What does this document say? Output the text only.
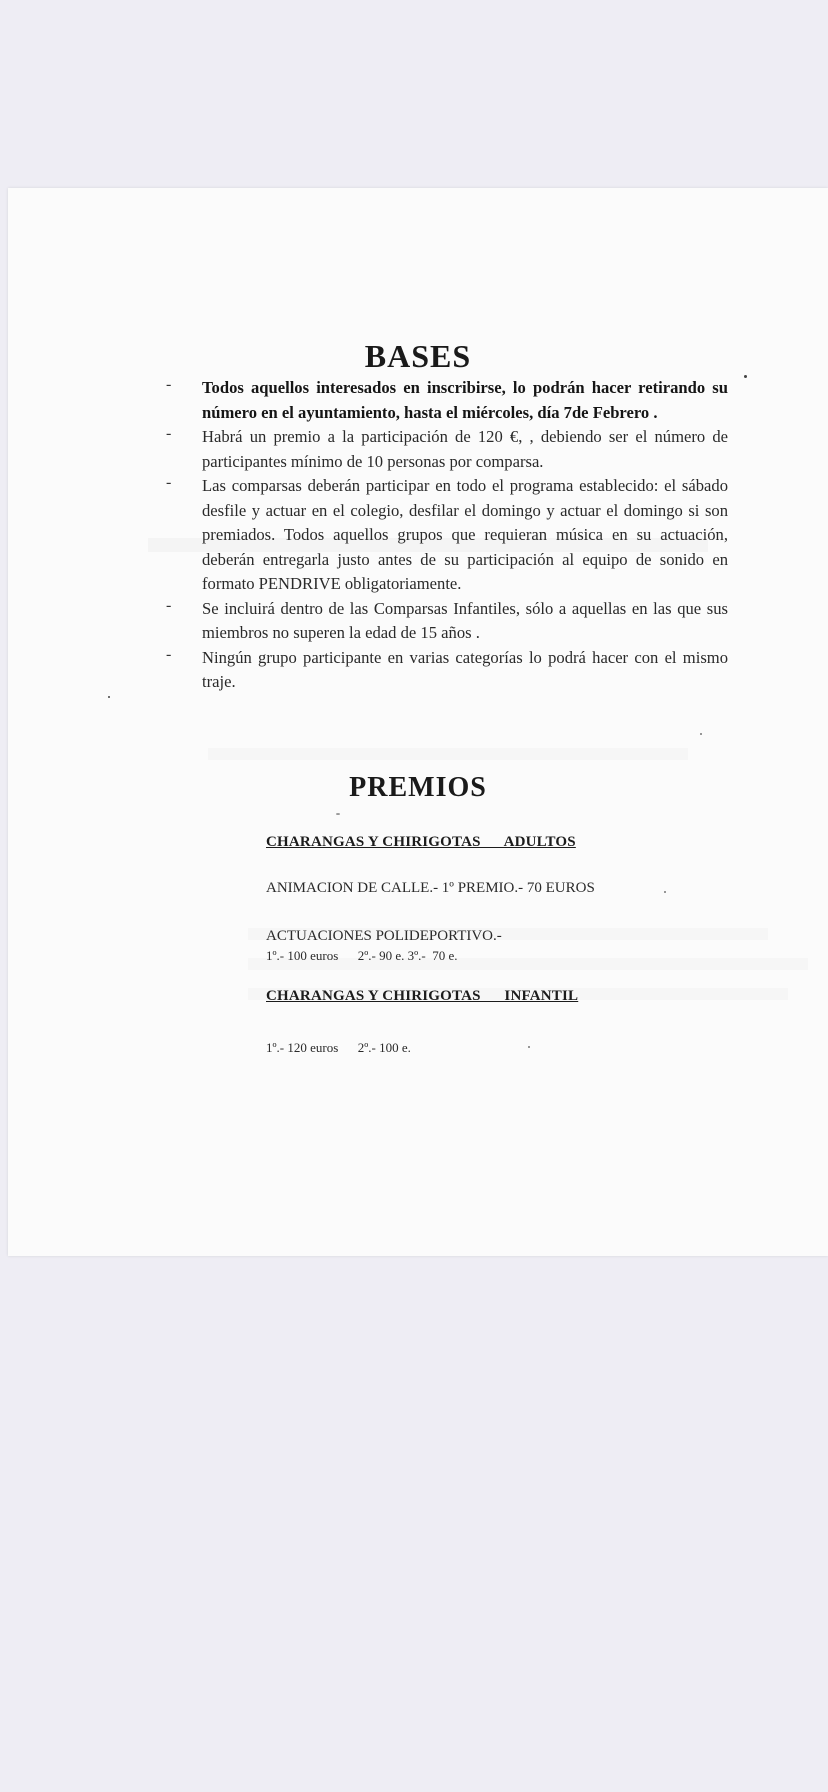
BASES
- Todos aquellos interesados en inscribirse, lo podrán hacer retirando su número en el ayuntamiento, hasta el miércoles, día 7de Febrero .
- Habrá un premio a la participación de 120 €, , debiendo ser el número de participantes mínimo de 10 personas por comparsa.
- Las comparsas deberán participar en todo el programa establecido: el sábado desfile y actuar en el colegio, desfilar el domingo y actuar el domingo si son premiados. Todos aquellos grupos que requieran música en su actuación, deberán entregarla justo antes de su participación al equipo de sonido en formato PENDRIVE obligatoriamente.
- Se incluirá dentro de las Comparsas Infantiles, sólo a aquellas en las que sus miembros no superen la edad de 15 años .
- Ningún grupo participante en varias categorías lo podrá hacer con el mismo traje.
PREMIOS
CHARANGAS Y CHIRIGOTAS      ADULTOS
ANIMACION DE CALLE.- 1º PREMIO.- 70 EUROS
ACTUACIONES POLIDEPORTIVO.-
1º.- 100 euros      2º.- 90 e. 3º.-  70 e.
CHARANGAS Y CHIRIGOTAS      INFANTIL
1º.- 120 euros      2º.- 100 e.
